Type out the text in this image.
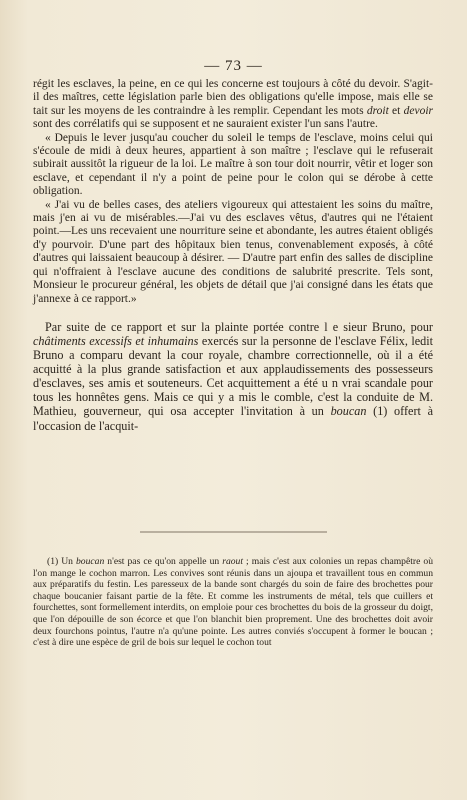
— 73 —

régit les esclaves, la peine, en ce qui les concerne est toujours à côté du devoir. S'agit-il des maîtres, cette législation parle bien des obligations qu'elle impose, mais elle se tait sur les moyens de les contraindre à les remplir. Cependant les mots droit et devoir sont des corrélatifs qui se supposent et ne sauraient exister l'un sans l'autre.

« Depuis le lever jusqu'au coucher du soleil le temps de l'esclave, moins celui qui s'écoule de midi à deux heures, appartient à son maître ; l'esclave qui le refuserait subirait aussitôt la rigueur de la loi. Le maître à son tour doit nourrir, vêtir et loger son esclave, et cependant il n'y a point de peine pour le colon qui se dérobe à cette obligation.

« J'ai vu de belles cases, des ateliers vigoureux qui attestaient les soins du maître, mais j'en ai vu de misérables.—J'ai vu des esclaves vêtus, d'autres qui ne l'étaient point.—Les uns recevaient une nourriture seine et abondante, les autres étaient obligés d'y pourvoir. D'une part des hôpitaux bien tenus, convenablement exposés, à côté d'autres qui laissaient beaucoup à désirer. — D'autre part enfin des salles de discipline qui n'offraient à l'esclave aucune des conditions de salubrité prescrite. Tels sont, Monsieur le procureur général, les objets de détail que j'ai consigné dans les états que j'annexe à ce rapport.»

Par suite de ce rapport et sur la plainte portée contre l e sieur Bruno, pour châtiments excessifs et inhumains exercés sur la personne de l'esclave Félix, ledit Bruno a comparu devant la cour royale, chambre correctionnelle, où il a été acquitté à la plus grande satisfaction et aux applaudissements des possesseurs d'esclaves, ses amis et souteneurs. Cet acquittement a été u n vrai scandale pour tous les honnêtes gens. Mais ce qui y a mis le comble, c'est la conduite de M. Mathieu, gouverneur, qui osa accepter l'invitation à un boucan (1) offert à l'occasion de l'acquit-

(1) Un boucan n'est pas ce qu'on appelle un raout ; mais c'est aux colonies un repas champêtre où l'on mange le cochon marron. Les convives sont réunis dans un ajoupa et travaillent tous en commun aux préparatifs du festin. Les paresseux de la bande sont chargés du soin de faire des brochettes pour chaque boucanier faisant partie de la fête. Et comme les instruments de métal, tels que cuillers et fourchettes, sont formellement interdits, on emploie pour ces brochettes du bois de la grosseur du doigt, que l'on dépouille de son écorce et que l'on blanchit bien proprement. Une des brochettes doit avoir deux fourchons pointus, l'autre n'a qu'une pointe. Les autres conviés s'occupent à former le boucan ; c'est à dire une espèce de gril de bois sur lequel le cochon tout
